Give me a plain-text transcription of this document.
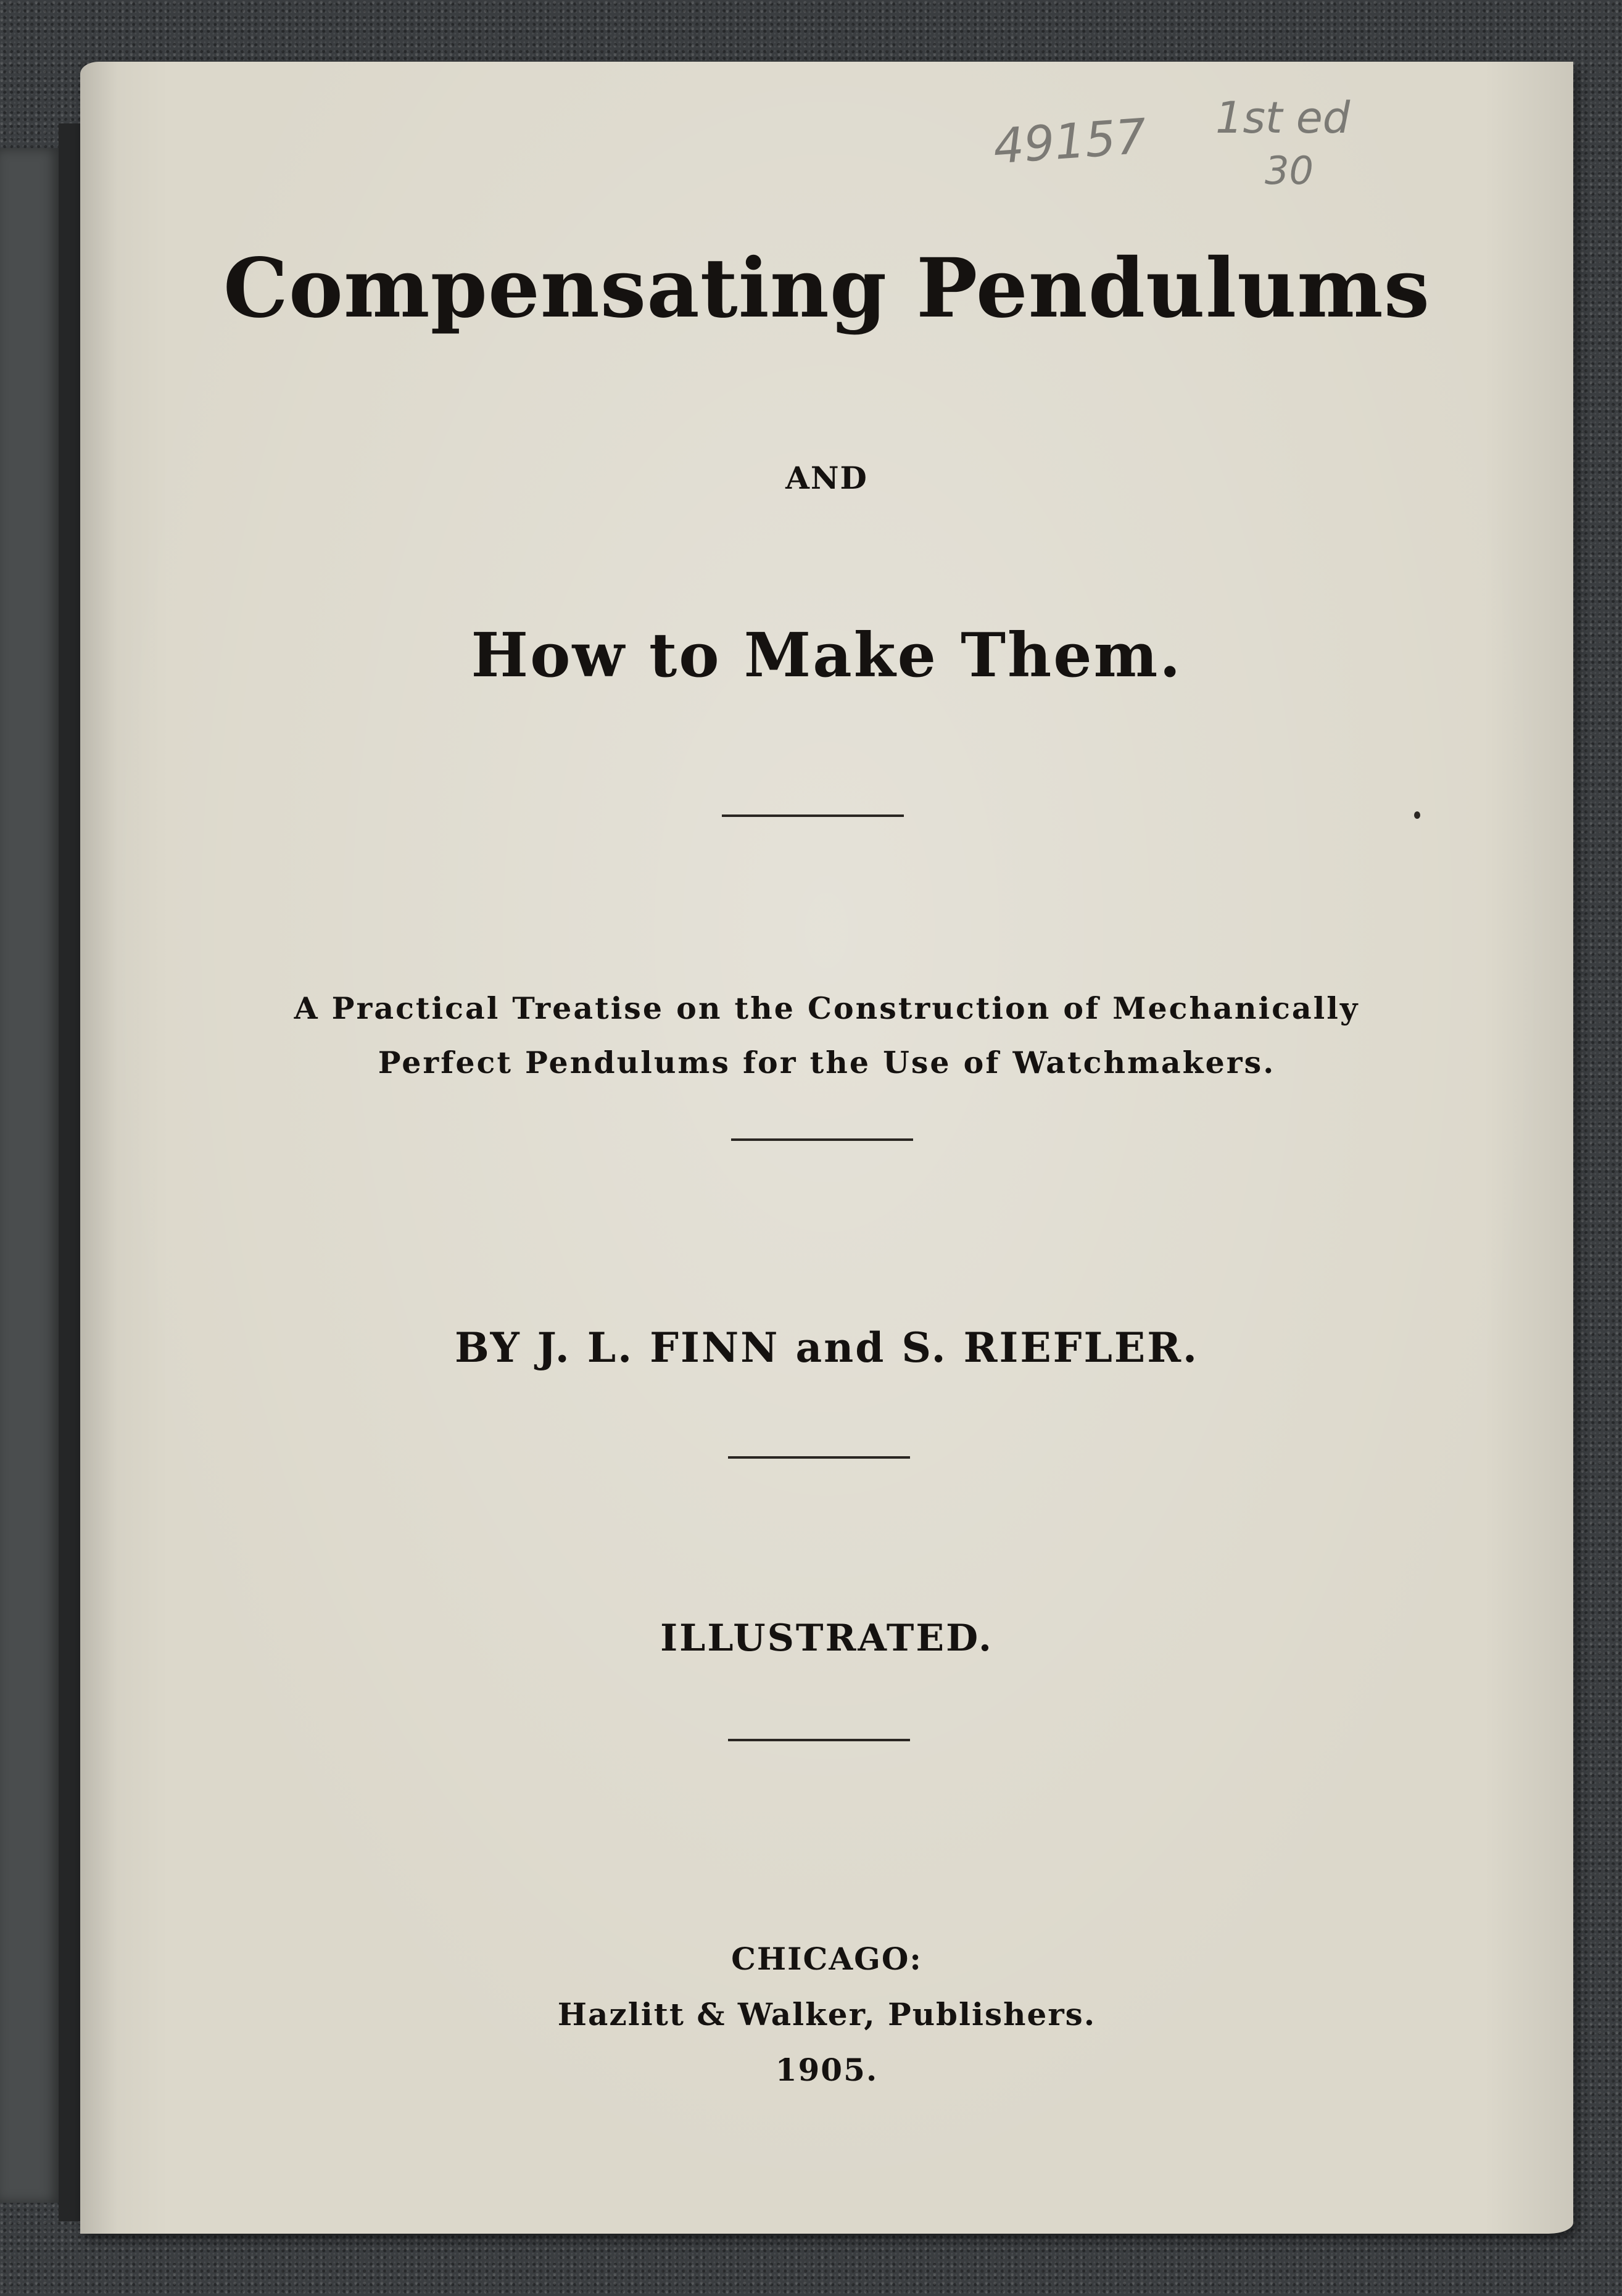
49157 1st ed
30
Compensating Pendulums
AND
How to Make Them.
A Practical Treatise on the Construction of Mechanically
Perfect Pendulums for the Use of Watchmakers.
BY J. L. FINN and S. RIEFLER.
ILLUSTRATED.
CHICAGO:
Hazlitt & Walker, Publishers.
1905.
